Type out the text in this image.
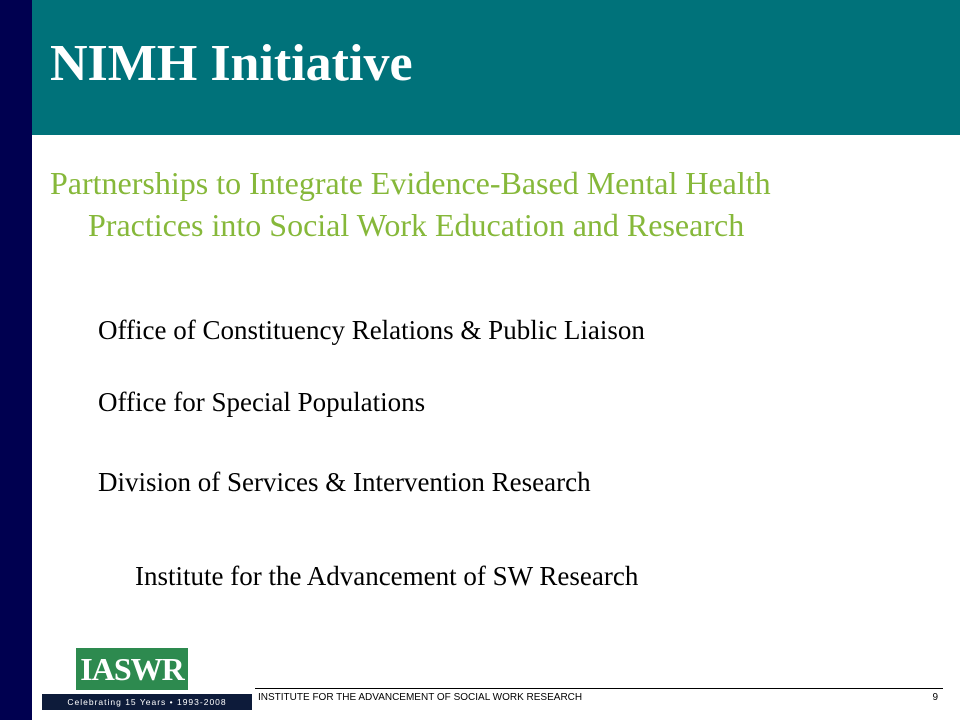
NIMH Initiative

Partnerships to Integrate Evidence-Based Mental Health
Practices into Social Work Education and Research

Office of Constituency Relations & Public Liaison

Office for Special Populations

Division of Services & Intervention Research

Institute for the Advancement of SW Research

IASWR
Celebrating 15 Years • 1993-2008	INSTITUTE FOR THE ADVANCEMENT OF SOCIAL WORK RESEARCH	9
